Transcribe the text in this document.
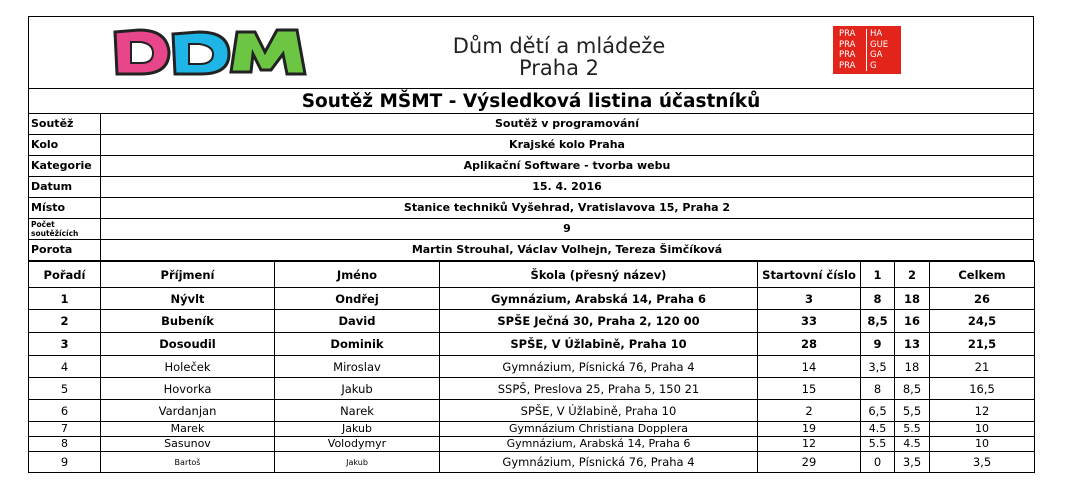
Dům dětí a mládeže
Praha 2
PRA	HA
PRA	GUE
PRA	GA
PRA	G
Soutěž MŠMT - Výsledková listina účastníků
Soutěž	Soutěž v programování
Kolo	Krajské kolo Praha
Kategorie	Aplikační Software - tvorba webu
Datum	15. 4. 2016
Místo	Stanice techniků Vyšehrad, Vratislavova 15, Praha 2
Počet soutěžících	9
Porota	Martin Strouhal, Václav Volhejn, Tereza Šimčíková
Pořadí	Příjmení	Jméno	Škola (přesný název)	Startovní číslo	1	2	Celkem
1	Nývlt	Ondřej	Gymnázium, Arabská 14, Praha 6	3	8	18	26
2	Bubeník	David	SPŠE Ječná 30, Praha 2, 120 00	33	8,5	16	24,5
3	Dosoudil	Dominik	SPŠE, V Úžlabině, Praha 10	28	9	13	21,5
4	Holeček	Miroslav	Gymnázium, Písnická 76, Praha 4	14	3,5	18	21
5	Hovorka	Jakub	SSPŠ, Preslova 25, Praha 5, 150 21	15	8	8,5	16,5
6	Vardanjan	Narek	SPŠE, V Úžlabině, Praha 10	2	6,5	5,5	12
7	Marek	Jakub	Gymnázium Christiana Dopplera	19	4.5	5.5	10
8	Sasunov	Volodymyr	Gymnázium, Arabská 14, Praha 6	12	5.5	4.5	10
9	Bartoš	Jakub	Gymnázium, Písnická 76, Praha 4	29	0	3,5	3,5
